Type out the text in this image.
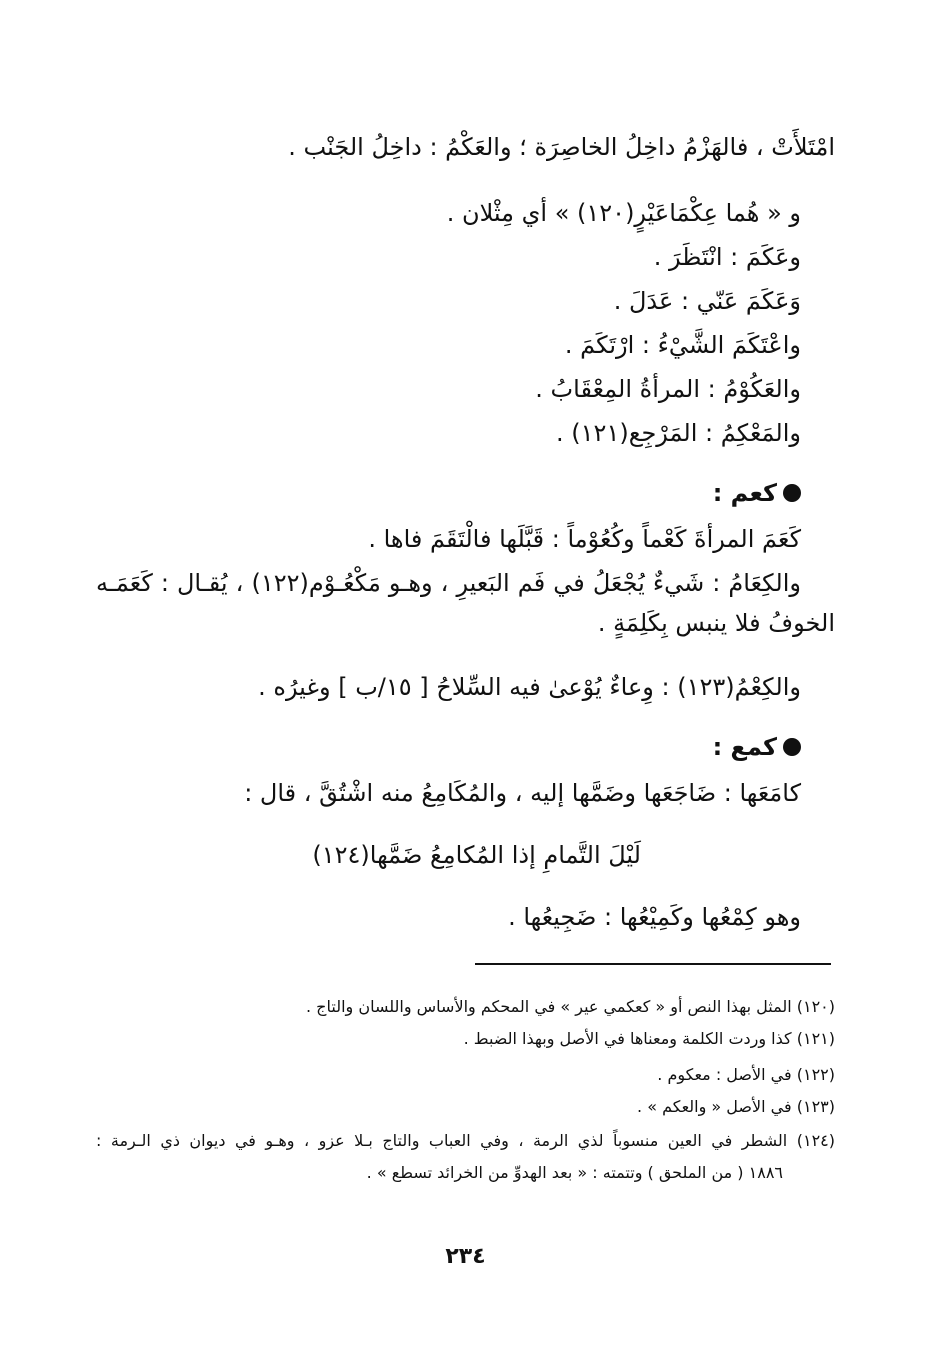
امْتَلأَتْ ، فالهَزْمُ داخِلُ الخاصِرَة ؛ والعَكْمُ : داخِلُ الجَنْب .
و « هُما عِكْمَاعَيْرٍ(١٢٠) » أي مِثْلان .
وعَكَمَ : انْتَظَرَ .
وَعَكَمَ عَنّي : عَدَلَ .
واعْتَكَمَ الشَّيْءُ : ارْتَكَمَ .
والعَكُوْمُ : المرأةُ المِعْقَابُ .
والمَعْكِمُ : المَرْجِع(١٢١) .
كعم :
كَعَمَ المرأةَ كَعْماً وكُعُوْماً : قَبَّلَها فالْتَقَمَ فاها .
والكِعَامُ : شَيءٌ يُجْعَلُ في فَم البَعيرِ ، وهـو مَكْعُـوْم(١٢٢) ، يُقـال : كَعَمَـه
الخوفُ فلا ينبس بِكَلِمَةٍ .
والكِعْمُ(١٢٣) : وِعاءٌ يُوْعىٰ فيه السِّلاحُ [ ١٥/ب ] وغيرُه .
كمع :
كامَعَها : ضَاجَعَها وضَمَّها إليه ، والمُكَامِعُ منه اشْتُقَّ ، قال :
لَيْلَ التَّمامِ إذا المُكامِعُ ضَمَّها(١٢٤)
وهو كِمْعُها وكَمِيْعُها : ضَجِيعُها .
(١٢٠) المثل بهذا النص أو « كعكمي عير » في المحكم والأساس واللسان والتاج .
(١٢١) كذا وردت الكلمة ومعناها في الأصل وبهذا الضبط .
(١٢٢) في الأصل : معكوم .
(١٢٣) في الأصل « والعكم » .
(١٢٤) الشطر في العين منسوباً لذي الرمة ، وفي العباب والتاج بـلا عزو ، وهـو في ديوان ذي الـرمة :
١٨٨٦ ( من الملحق ) وتتمته : « بعد الهدوِّ من الخرائد تسطع » .
٢٣٤
